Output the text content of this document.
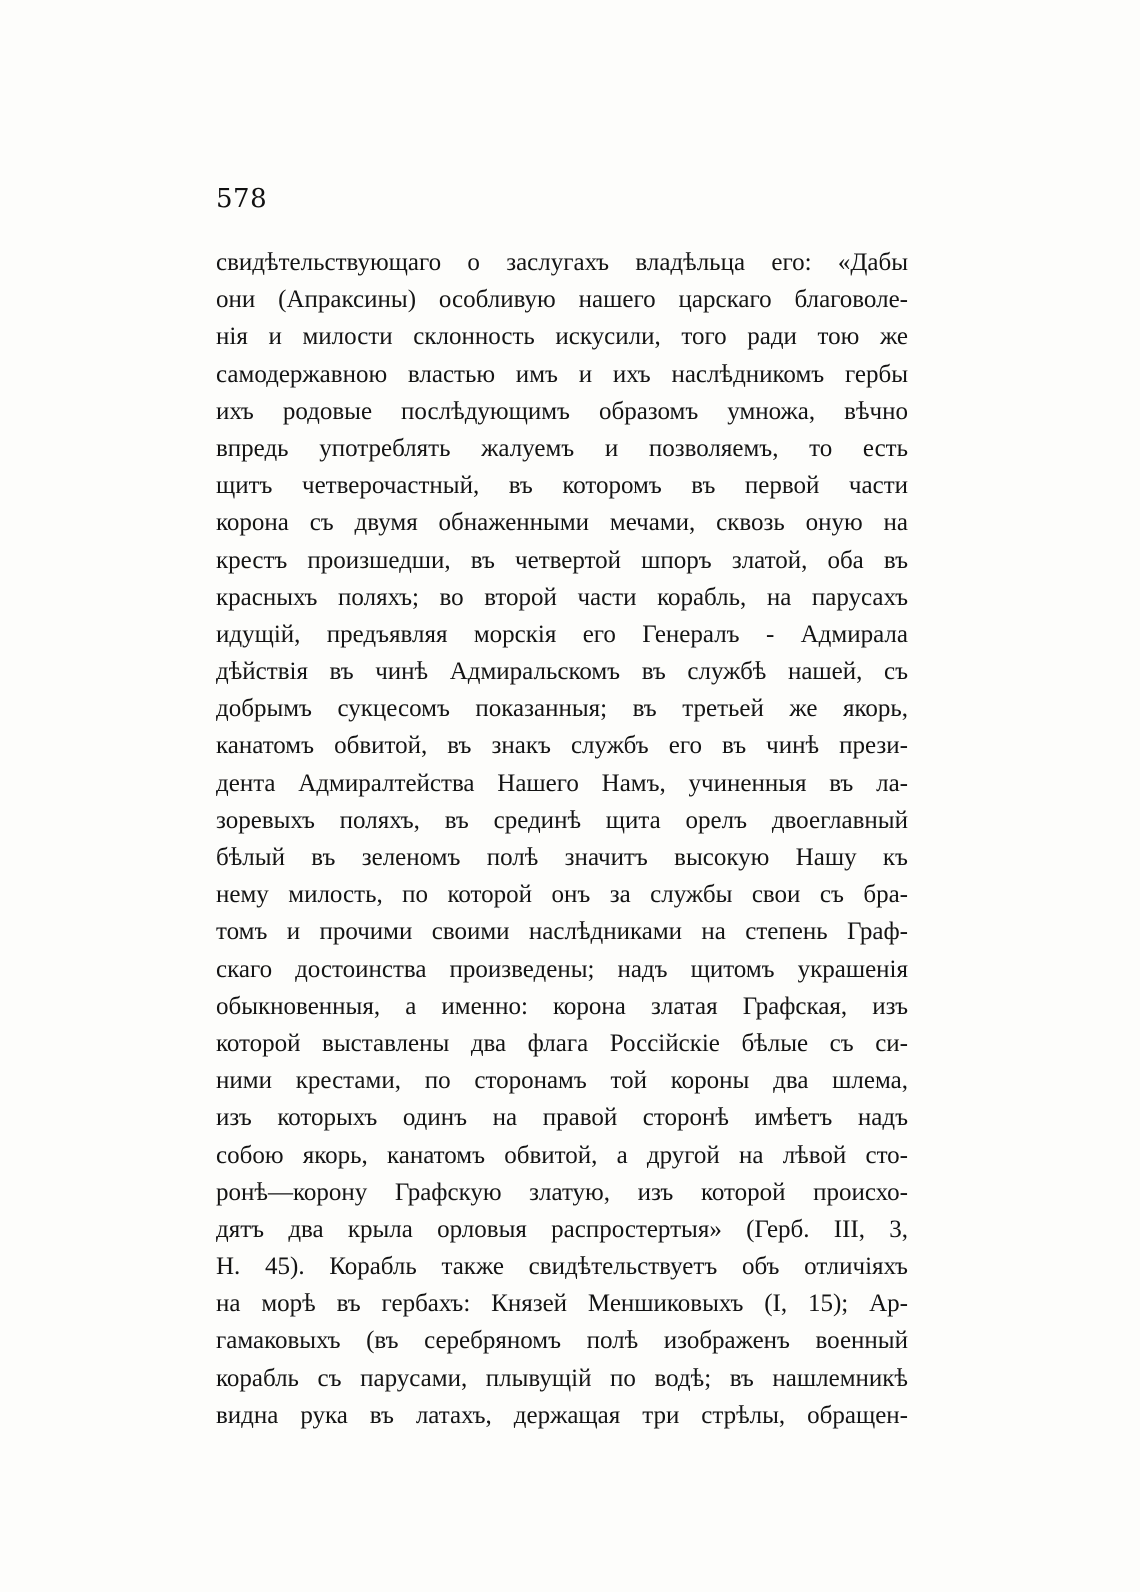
578
свидѣтельствующаго о заслугахъ владѣльца его: «Дабы
они (Апраксины) особливую нашего царскаго благоволе-
нія и милости склонность искусили, того ради тою же
самодержавною властью имъ и ихъ наслѣдникомъ гербы
ихъ родовые послѣдующимъ образомъ умножа, вѣчно
впредь употреблять жалуемъ и позволяемъ, то есть
щитъ четверочастный, въ которомъ въ первой части
корона съ двумя обнаженными мечами, сквозь оную на
крестъ произшедши, въ четвертой шпоръ златой, оба въ
красныхъ поляхъ; во второй части корабль, на парусахъ
идущій, предъявляя морскія его Генералъ - Адмирала
дѣйствія въ чинѣ Адмиральскомъ въ службѣ нашей, съ
добрымъ сукцесомъ показанныя; въ третьей же якорь,
канатомъ обвитой, въ знакъ службъ его въ чинѣ прези-
дента Адмиралтейства Нашего Намъ, учиненныя въ ла-
зоревыхъ поляхъ, въ срединѣ щита орелъ двоеглавный
бѣлый въ зеленомъ полѣ значитъ высокую Нашу къ
нему милость, по которой онъ за службы свои съ бра-
томъ и прочими своими наслѣдниками на степень Граф-
скаго достоинства произведены; надъ щитомъ украшенія
обыкновенныя, а именно: корона златая Графская, изъ
которой выставлены два флага Россійскіе бѣлые съ си-
ними крестами, по сторонамъ той короны два шлема,
изъ которыхъ одинъ на правой сторонѣ имѣетъ надъ
собою якорь, канатомъ обвитой, а другой на лѣвой сто-
ронѣ—корону Графскую златую, изъ которой происхо-
дятъ два крыла орловыя распростертыя» (Герб. III, 3,
Н. 45). Корабль также свидѣтельствуетъ объ отличіяхъ
на морѣ въ гербахъ: Князей Меншиковыхъ (I, 15); Ар-
гамаковыхъ (въ серебряномъ полѣ изображенъ военный
корабль съ парусами, плывущій по водѣ; въ нашлемникѣ
видна рука въ латахъ, держащая три стрѣлы, обращен-
